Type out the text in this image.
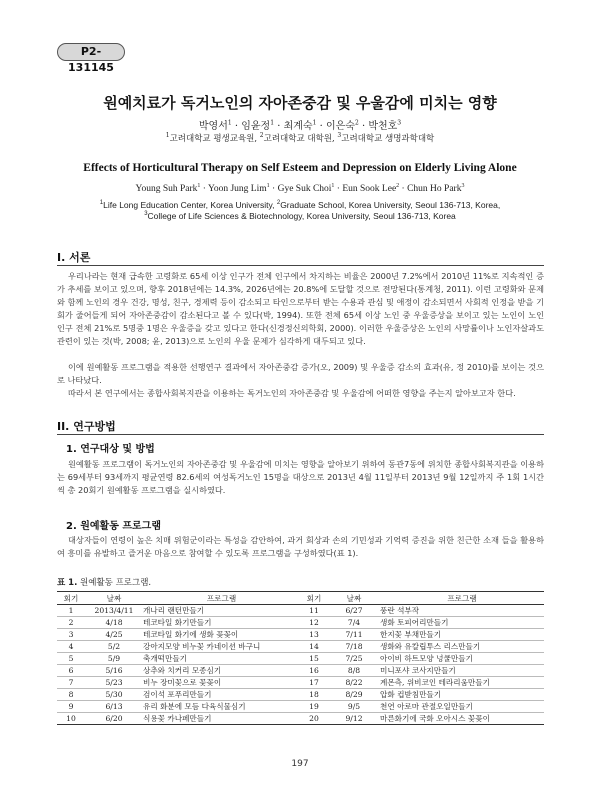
P2-131145
원예치료가 독거노인의 자아존중감 및 우울감에 미치는 영향
박영서$^1$ · 임윤정$^1$ · 최계숙$^1$ · 이은숙$^2$ · 박천호$^3$
$^1$고려대학교 평생교육원, $^2$고려대학교 대학원, $^3$고려대학교 생명과학대학
Effects of Horticultural Therapy on Self Esteem and Depression on Elderly Living Alone
Young Suh Park$^1$ · Yoon Jung Lim$^1$ · Gye Suk Choi$^1$ · Eun Sook Lee$^2$ · Chun Ho Park$^3$
$^1$Life Long Education Center, Korea University, $^2$Graduate School, Korea University, Seoul 136-713, Korea,
$^3$College of Life Sciences & Biotechnology, Korea University, Seoul 136-713, Korea
I. 서론
우리나라는 현재 급속한 고령화로 65세 이상 인구가 전체 인구에서 차지하는 비율은 2000년 7.2%에서 2010년 11%로 지속적인 증가 추세를 보이고 있으며, 향후 2018년에는 14.3%, 2026년에는 20.8%에 도달할 것으로 전망된다(통계청, 2011). 이런 고령화와 문제와 함께 노인의 경우 건강, 명성, 친구, 경제력 등이 감소되고 타인으로부터 받는 수용과 관심 및 애정이 감소되면서 사회적 인정을 받을 기회가 줄어들게 되어 자아존중감이 감소된다고 볼 수 있다(박, 1994). 또한 전체 65세 이상 노인 중 우울증상을 보이고 있는 노인이 노인인구 전체 21%로 5명중 1명은 우울증을 갖고 있다고 한다(신경정신의학회, 2000). 이러한 우울증상은 노인의 사망률이나 노인자살과도 관련이 있는 것(박, 2008; 윤, 2013)으로 노인의 우울 문제가 심각하게 대두되고 있다.
이에 원예활동 프로그램을 적용한 선행연구 결과에서 자아존중감 증가(오, 2009) 및 우울증 감소의 효과(유, 정 2010)를 보이는 것으로 나타났다.
따라서 본 연구에서는 종합사회복지관을 이용하는 독거노인의 자아존중감 및 우울감에 어떠한 영향을 주는지 알아보고자 한다.
II. 연구방법
1. 연구대상 및 방법
원예활동 프로그램이 독거노인의 자아존중감 및 우울감에 미치는 영향을 알아보기 위하여 동관7동에 위치한 종합사회복지관을 이용하는 69세부터 93세까지 평균연령 82.6세의 여성독거노인 15명을 대상으로 2013년 4월 11일부터 2013년 9월 12일까지 주 1회 1시간씩 총 20회기 원예활동 프로그램을 실시하였다.
2. 원예활동 프로그램
대상자들이 연령이 높은 치매 위험군이라는 특성을 감안하여, 과거 회상과 손의 기민성과 기억력 증진을 위한 친근한 소재 들을 활용하여 흥미를 유발하고 즐거운 마음으로 참여할 수 있도록 프로그램을 구성하였다(표 1).
표 1. 원예활동 프로그램.
회기	날짜	프로그램	회기	날짜	프로그램
1	2013/4/11	개나리 랜턴만들기	11	6/27	풍란 석부작
2	4/18	테코타일 화기만들기	12	7/4	생화 토피어리만들기
3	4/25	테코타일 화기에 생화 꽂꽂이	13	7/11	한지꽃 부채만들기
4	5/2	강아지모양 비누꽃 카네이션 바구니	14	7/18	생화와 유칼립투스 리스만들기
5	5/9	축개떡만들기	15	7/25	아이비 하트모양 넝쿨만들기
6	5/16	상추와 치커리 모종심기	16	8/8	미니포샤 코사지만들기
7	5/23	비누 장미꽃으로 꽃꽂이	17	8/22	계몬측, 위비코인 테라리움만들기
8	5/30	검이석 포푸리만들기	18	8/29	압화 컵받침만들기
9	6/13	유리 화분에 모듬 다육식물심기	19	9/5	천연 아로마 관절오일만들기
10	6/20	식용꽃 카나페만들기	20	9/12	마른화기에 국화 오아시스 꽃꽂이
197
